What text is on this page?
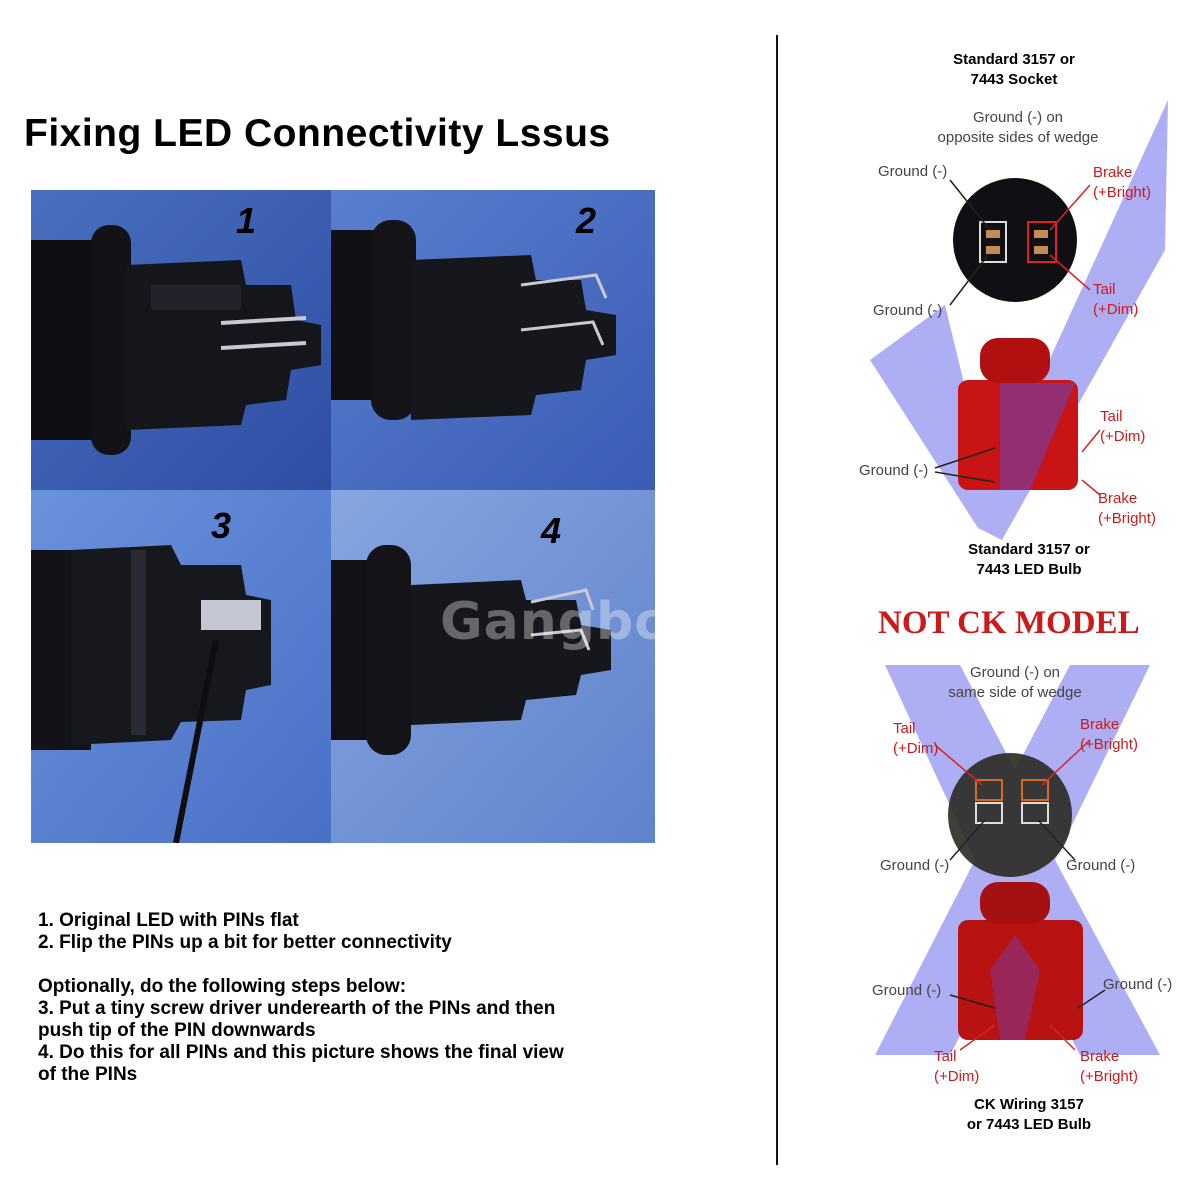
Fixing LED Connectivity Lssus
1	2
3	4
Gangbon
1. Original LED with PINs flat
2. Flip the PINs up a bit for better connectivity
Optionally, do the following steps below:
3. Put a tiny screw driver underearth of the PINs and then
push tip of the PIN downwards
4. Do this for all PINs and this picture shows the final view
of the PINs
Standard 3157 or
7443 Socket
Ground (-) on
opposite sides of wedge
Ground (-)	Brake
(+Bright)
Ground (-)
Tail
(+Dim)
Tail
(+Dim)
Ground (-)
Brake
(+Bright)
Standard 3157 or
7443 LED Bulb
NOT CK MODEL
Ground (-) on
same side of wedge
Tail
(+Dim)
Brake
(+Bright)
Ground (-)	Ground (-)
Ground (-)	Ground (-)
Tail
(+Dim)
Brake
(+Bright)
CK Wiring 3157
or 7443 LED Bulb
